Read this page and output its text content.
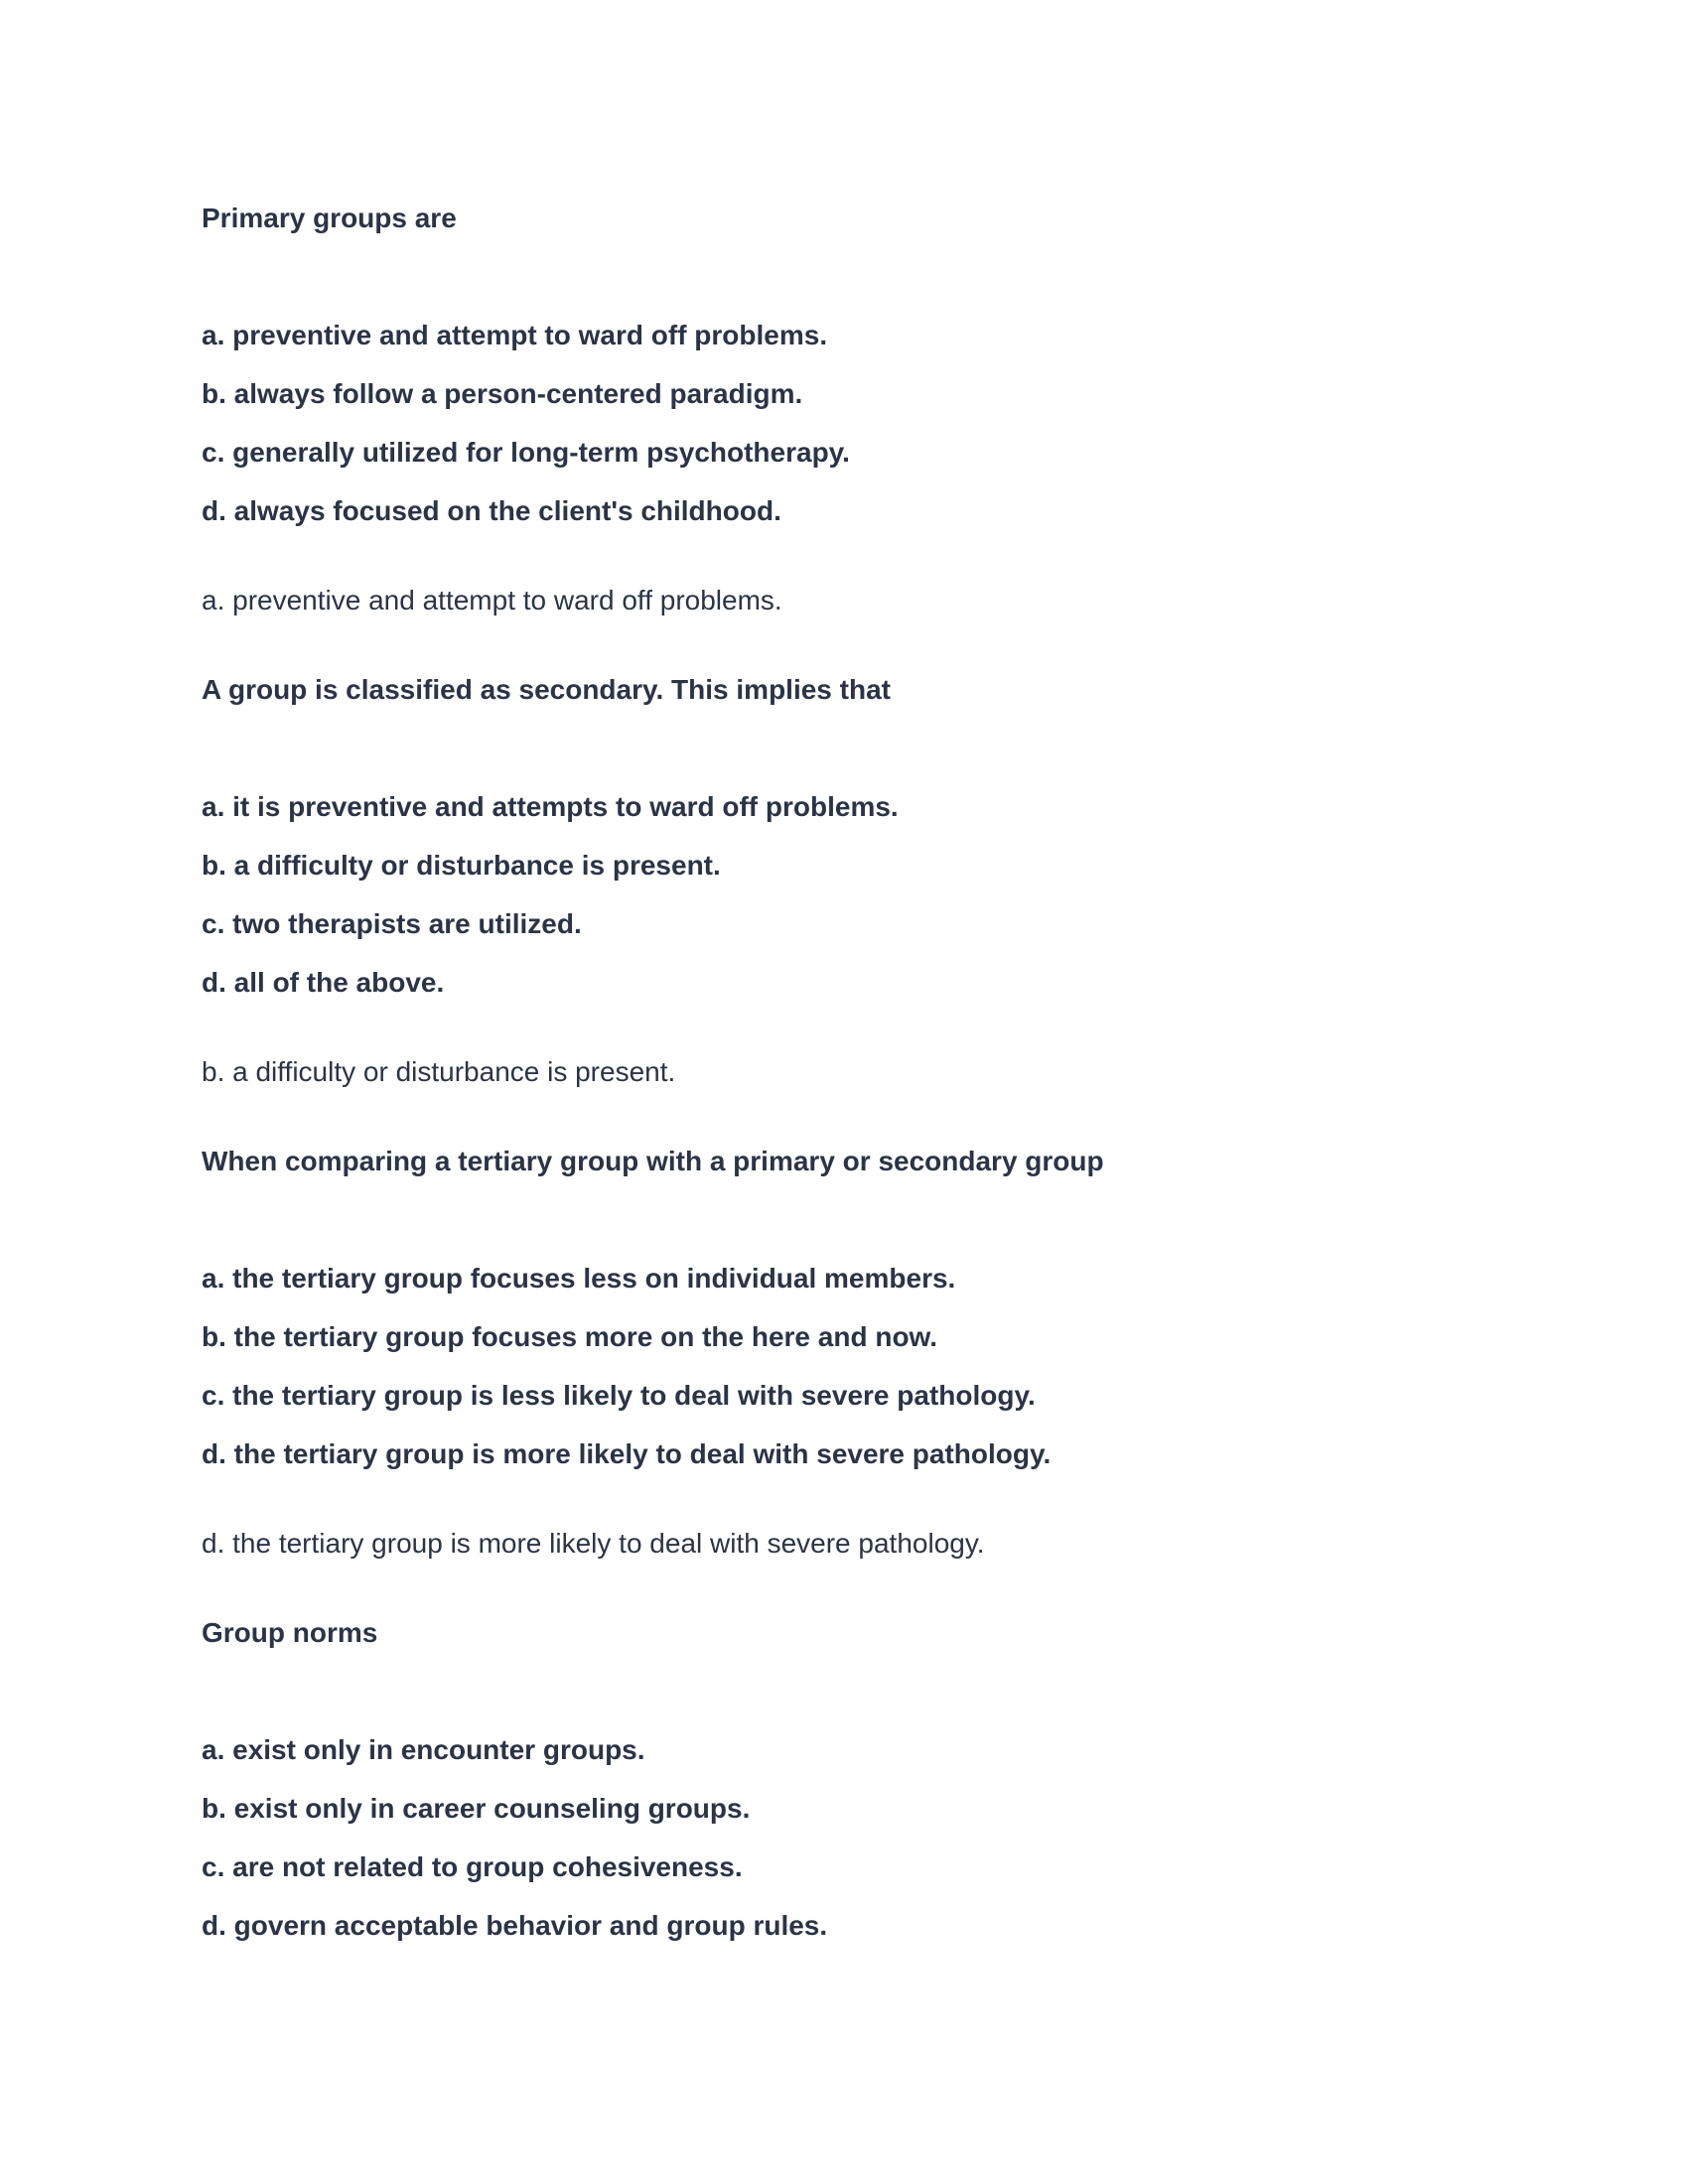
Primary groups are

a. preventive and attempt to ward off problems.
b. always follow a person-centered paradigm.
c. generally utilized for long-term psychotherapy.
d. always focused on the client's childhood.

a. preventive and attempt to ward off problems.

A group is classified as secondary. This implies that

a. it is preventive and attempts to ward off problems.
b. a difficulty or disturbance is present.
c. two therapists are utilized.
d. all of the above.

b. a difficulty or disturbance is present.

When comparing a tertiary group with a primary or secondary group

a. the tertiary group focuses less on individual members.
b. the tertiary group focuses more on the here and now.
c. the tertiary group is less likely to deal with severe pathology.
d. the tertiary group is more likely to deal with severe pathology.

d. the tertiary group is more likely to deal with severe pathology.

Group norms

a. exist only in encounter groups.
b. exist only in career counseling groups.
c. are not related to group cohesiveness.
d. govern acceptable behavior and group rules.
